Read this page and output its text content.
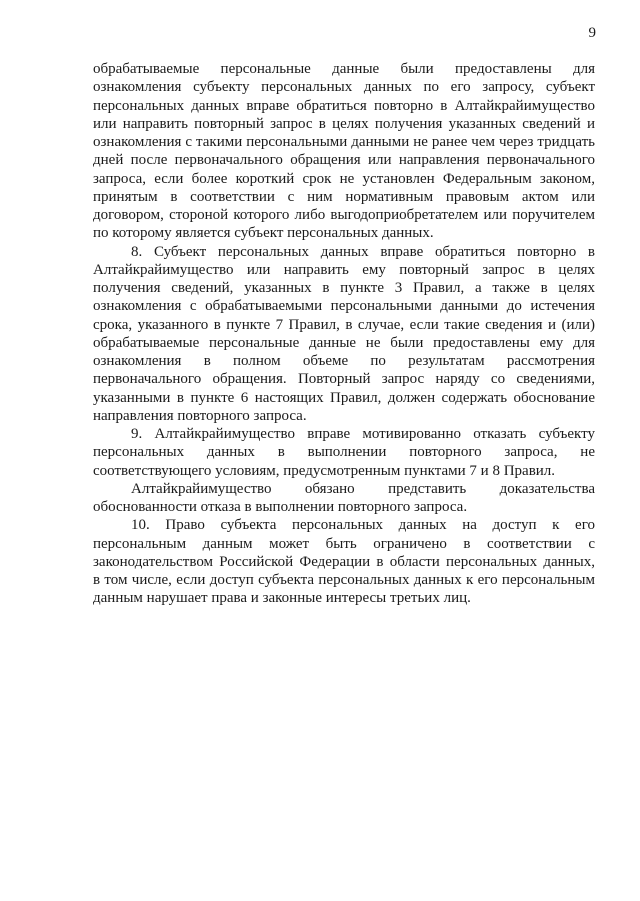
9
обрабатываемые персональные данные были предоставлены для
ознакомления субъекту персональных данных по его запросу, субъект
персональных данных вправе обратиться повторно в Алтайкрайимущество
или направить повторный запрос в целях получения указанных сведений и
ознакомления с такими персональными данными не ранее чем через тридцать
дней после первоначального обращения или направления первоначального
запроса, если более короткий срок не установлен Федеральным законом,
принятым в соответствии с ним нормативным правовым актом или
договором, стороной которого либо выгодоприобретателем или поручителем
по которому является субъект персональных данных.
8. Субъект персональных данных вправе обратиться повторно в
Алтайкрайимущество или направить ему повторный запрос в целях
получения сведений, указанных в пункте 3 Правил, а также в целях
ознакомления с обрабатываемыми персональными данными до истечения
срока, указанного в пункте 7 Правил, в случае, если такие сведения и (или)
обрабатываемые персональные данные не были предоставлены ему для
ознакомления в полном объеме по результатам рассмотрения
первоначального обращения. Повторный запрос наряду со сведениями,
указанными в пункте 6 настоящих Правил, должен содержать обоснование
направления повторного запроса.
9. Алтайкрайимущество вправе мотивированно отказать субъекту
персональных данных в выполнении повторного запроса, не
соответствующего условиям, предусмотренным пунктами 7 и 8 Правил.
Алтайкрайимущество обязано представить доказательства
обоснованности отказа в выполнении повторного запроса.
10. Право субъекта персональных данных на доступ к его
персональным данным может быть ограничено в соответствии с
законодательством Российской Федерации в области персональных данных,
в том числе, если доступ субъекта персональных данных к его персональным
данным нарушает права и законные интересы третьих лиц.
